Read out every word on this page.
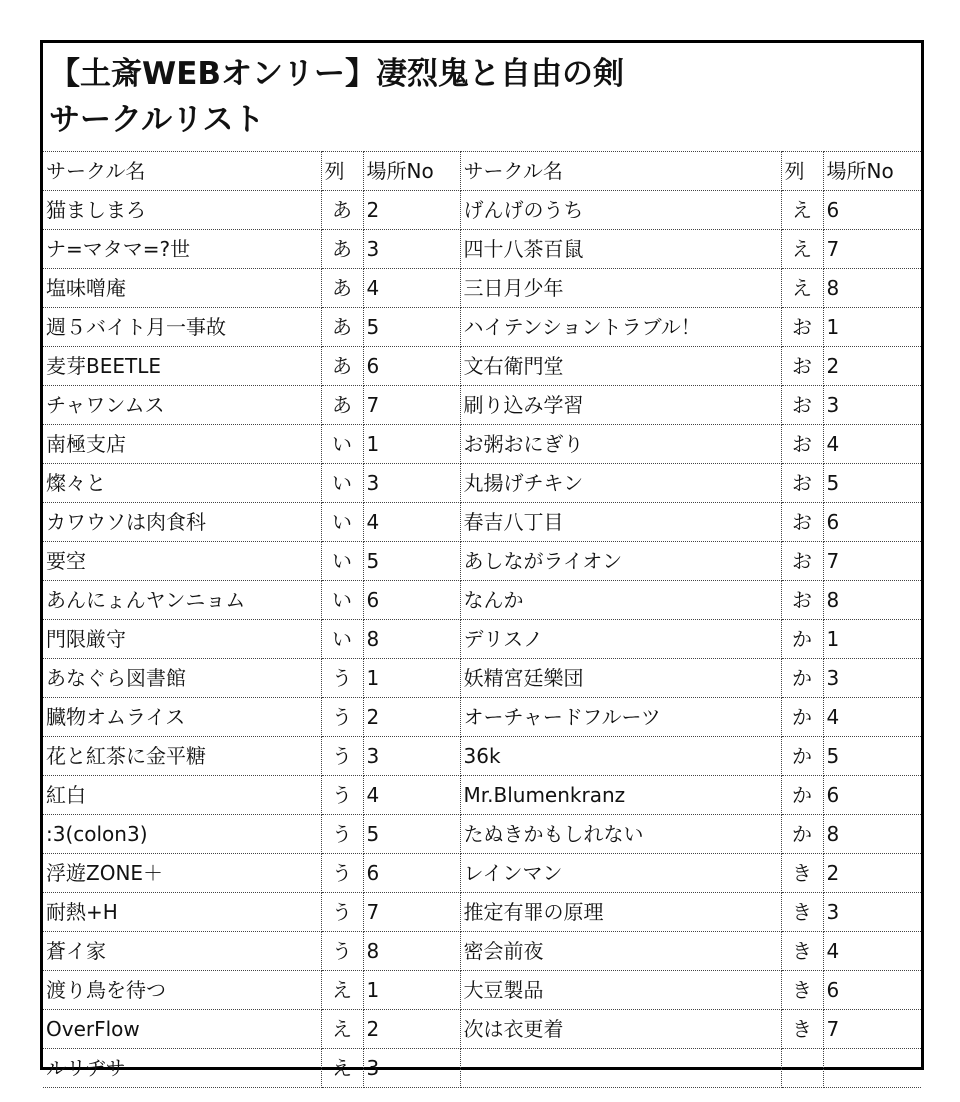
【土斎WEBオンリー】凄烈鬼と自由の剣
サークルリスト
サークル名	列	場所No	サークル名	列	場所No
猫ましまろ	あ	2	げんげのうち	え	6
ナ=マタマ=?世	あ	3	四十八茶百鼠	え	7
塩味噌庵	あ	4	三日月少年	え	8
週５バイト月一事故	あ	5	ハイテンショントラブル！	お	1
麦芽BEETLE	あ	6	文右衛門堂	お	2
チャワンムス	あ	7	刷り込み学習	お	3
南極支店	い	1	お粥おにぎり	お	4
燦々と	い	3	丸揚げチキン	お	5
カワウソは肉食科	い	4	春吉八丁目	お	6
要空	い	5	あしながライオン	お	7
あんにょんヤンニョム	い	6	なんか	お	8
門限厳守	い	8	デリスノ	か	1
あなぐら図書館	う	1	妖精宮廷樂団	か	3
臓物オムライス	う	2	オーチャードフルーツ	か	4
花と紅茶に金平糖	う	3	36k	か	5
紅白	う	4	Mr.Blumenkranz	か	6
:3(colon3)	う	5	たぬきかもしれない	か	8
浮遊ZONE＋	う	6	レインマン	き	2
耐熱+H	う	7	推定有罪の原理	き	3
蒼イ家	う	8	密会前夜	き	4
渡り鳥を待つ	え	1	大豆製品	き	6
OverFlow	え	2	次は衣更着	き	7
ルリヂサ	え	3			
